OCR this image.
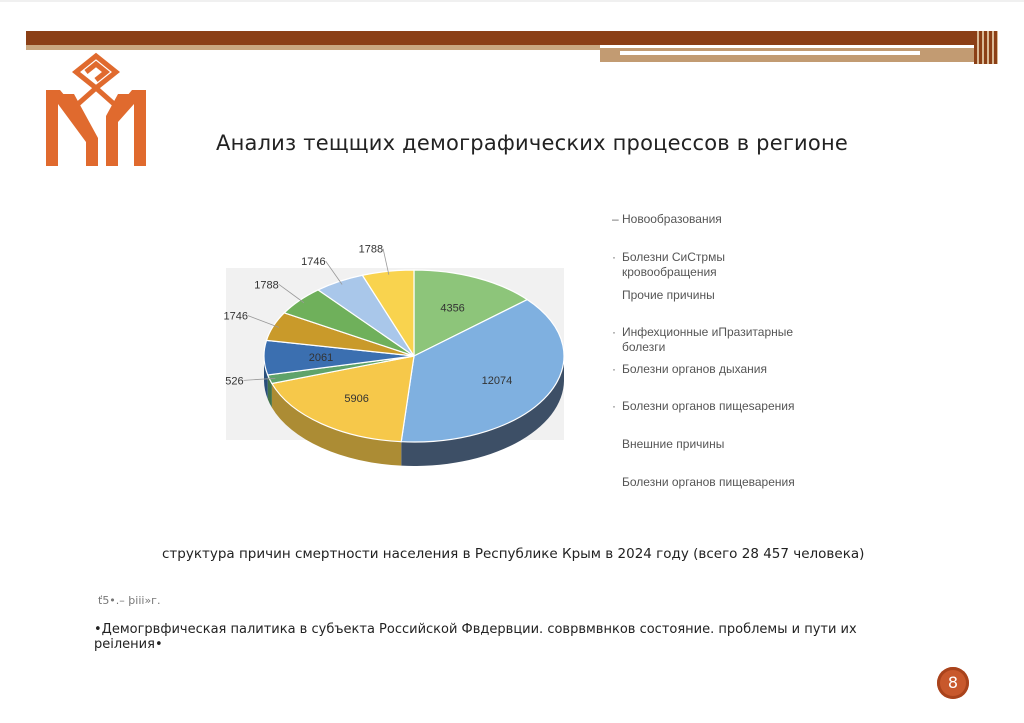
Анализ тещщих демографических процессов в регионе
4356
12074
5906
526
2061
1746
1788
1746
1788
– Новообразования
· Болезни СиСтрмы кровообращения
Прочие причины
· Инфехционные иПразитарные болезги
· Болезни органов дыхания
· Болезни органов пищеsарения
Внешние причины
Болезни органов пищеварения
структура причин смертности населения в Республике Крым в 2024 году (всего 28 457 человека)
ť5•.– þiii»г.
•Демогрвфическая палитика в субъекта Российской Фвдервции. соврвмвнков состояние. проблемы и пути их реiления•
8
